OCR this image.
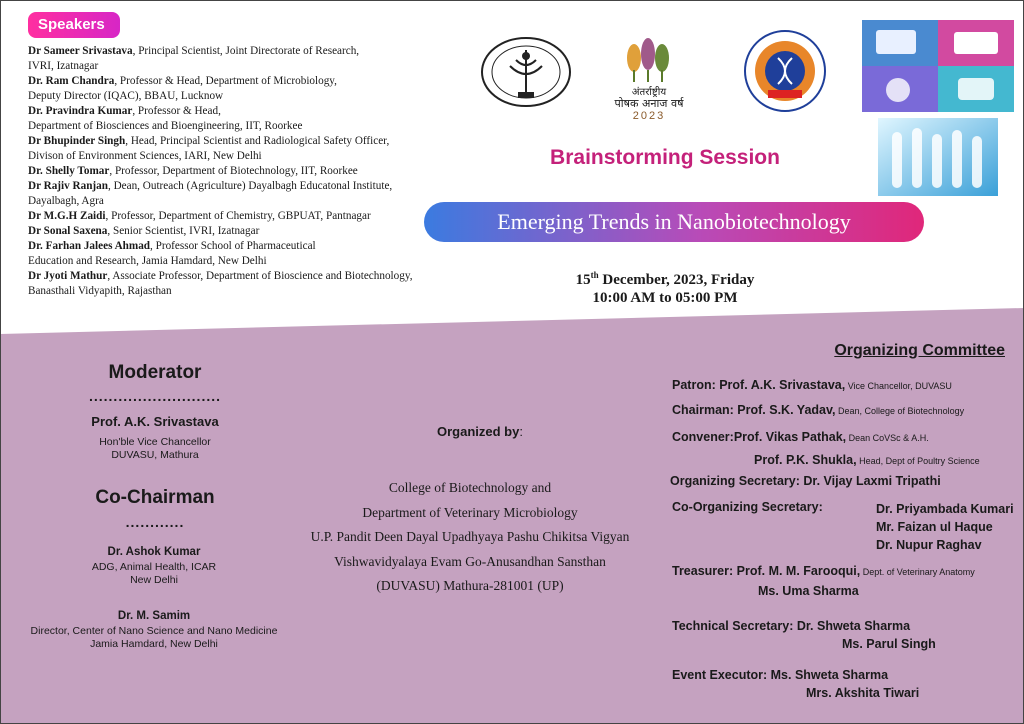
Speakers
Dr Sameer Srivastava, Principal Scientist, Joint Directorate of Research,
IVRI, Izatnagar
Dr. Ram Chandra, Professor & Head, Department of Microbiology,
Deputy Director (IQAC), BBAU, Lucknow
Dr. Pravindra Kumar, Professor & Head,
Department of Biosciences and Bioengineering, IIT, Roorkee
Dr Bhupinder Singh, Head, Principal Scientist and Radiological Safety Officer,
Divison of Environment Sciences, IARI, New Delhi
Dr. Shelly Tomar, Professor, Department of Biotechnology, IIT, Roorkee
Dr Rajiv Ranjan, Dean, Outreach (Agriculture) Dayalbagh Educatonal Institute,
Dayalbagh, Agra
Dr M.G.H Zaidi, Professor, Department of Chemistry, GBPUAT, Pantnagar
Dr Sonal Saxena, Senior Scientist, IVRI, Izatnagar
Dr. Farhan Jalees Ahmad, Professor School of Pharmaceutical
Education and Research, Jamia Hamdard, New Delhi
Dr Jyoti Mathur, Associate Professor, Department of Bioscience and Biotechnology,
Banasthali Vidyapith, Rajasthan
अंतर्राष्ट्रीय
पोषक अनाज वर्ष
2023
Brainstorming Session
Emerging Trends in Nanobiotechnology
15th December, 2023, Friday
10:00 AM to 05:00 PM
Moderator
...........................
Prof. A.K. Srivastava
Hon'ble Vice Chancellor
DUVASU, Mathura
Co-Chairman
............
Dr. Ashok Kumar
ADG, Animal Health, ICAR
New Delhi
Dr. M. Samim
Director, Center of Nano Science and Nano Medicine
Jamia Hamdard, New Delhi
Organized by:
College of Biotechnology and
Department of Veterinary Microbiology
U.P. Pandit Deen Dayal Upadhyaya Pashu Chikitsa Vigyan
Vishwavidyalaya Evam Go-Anusandhan Sansthan
(DUVASU) Mathura-281001 (UP)
Organizing Committee
Patron: Prof. A.K. Srivastava, Vice Chancellor, DUVASU
Chairman: Prof. S.K. Yadav, Dean, College of Biotechnology
Convener:Prof. Vikas Pathak, Dean CoVSc & A.H.
Prof. P.K. Shukla, Head, Dept of Poultry Science
Organizing Secretary: Dr. Vijay Laxmi Tripathi
Co-Organizing Secretary:	Dr. Priyambada Kumari
Mr. Faizan ul Haque
Dr. Nupur Raghav
Treasurer: Prof. M. M. Farooqui, Dept. of Veterinary Anatomy
Ms. Uma Sharma
Technical Secretary: Dr. Shweta Sharma
Ms. Parul Singh
Event Executor: Ms. Shweta Sharma
Mrs. Akshita Tiwari
